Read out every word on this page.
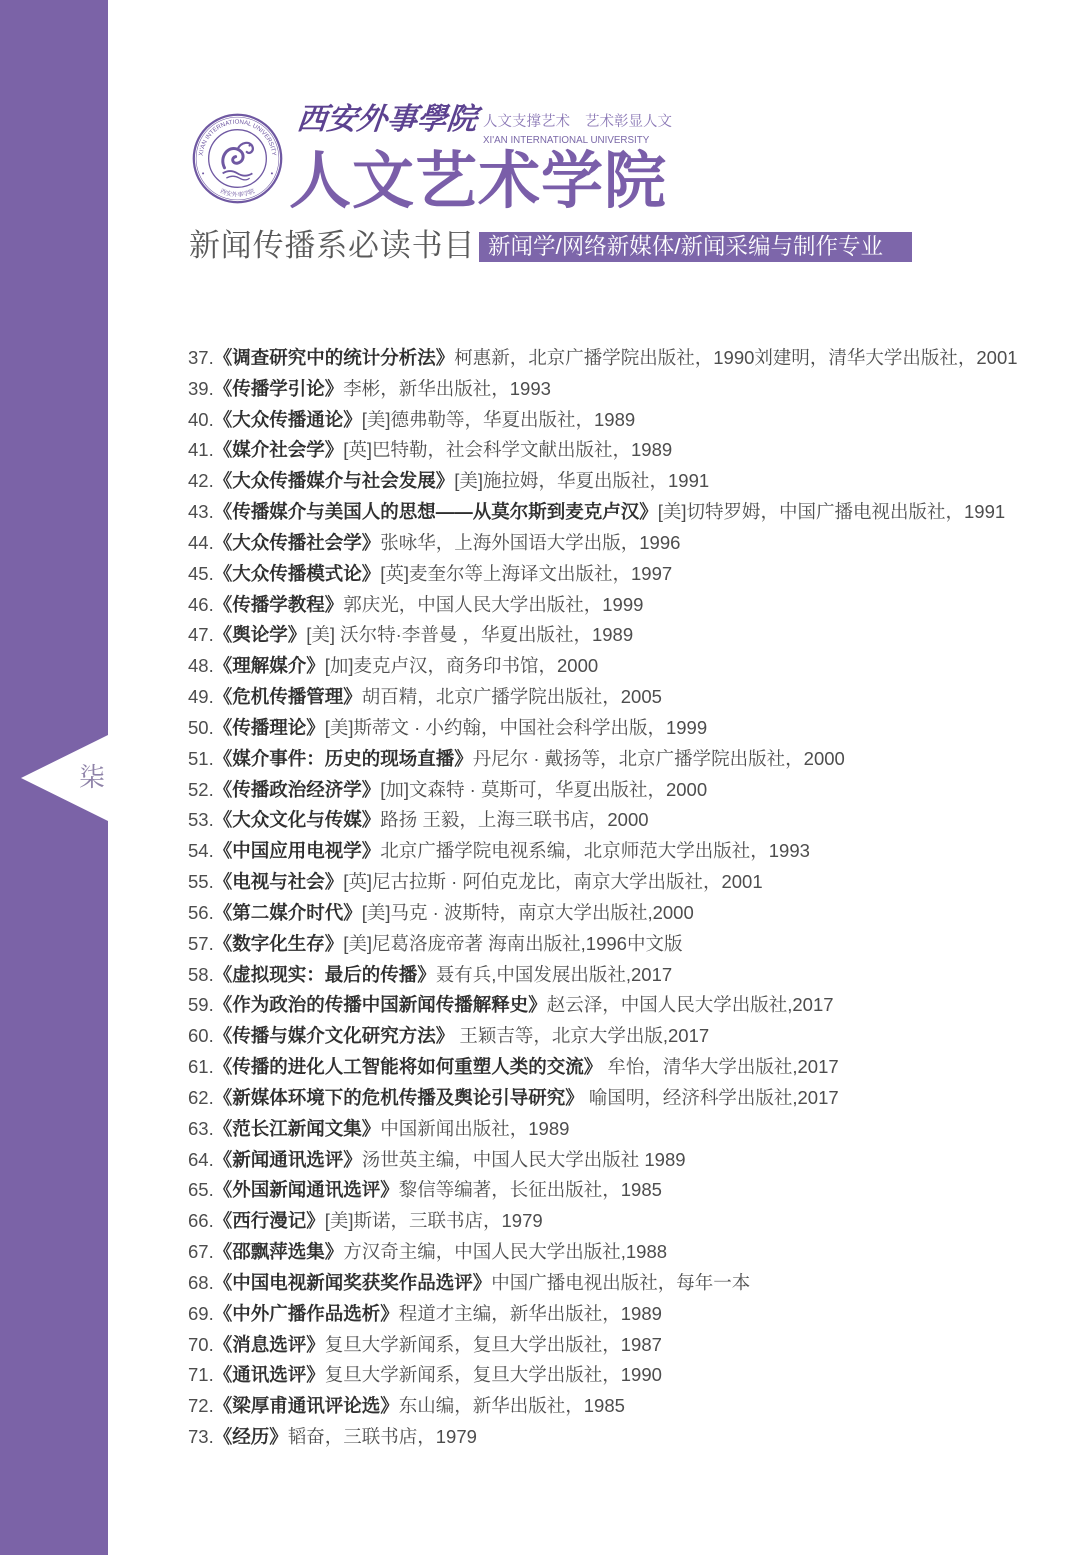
柒
XI'AN INTERNATIONAL UNIVERSITY
西安外事学院
西安外事學院 人文支撑艺术 艺术彰显人文
XI'AN INTERNATIONAL UNIVERSITY
人文艺术学院
新闻传播系必读书目 新闻学/网络新媒体/新闻采编与制作专业
37.《调查研究中的统计分析法》柯惠新，北京广播学院出版社，1990刘建明，清华大学出版社，2001
39.《传播学引论》李彬，新华出版社，1993
40.《大众传播通论》[美]德弗勒等，华夏出版社，1989
41.《媒介社会学》[英]巴特勒，社会科学文献出版社，1989
42.《大众传播媒介与社会发展》[美]施拉姆，华夏出版社，1991
43.《传播媒介与美国人的思想——从莫尔斯到麦克卢汉》[美]切特罗姆，中国广播电视出版社，1991
44.《大众传播社会学》张咏华，上海外国语大学出版，1996
45.《大众传播模式论》[英]麦奎尔等上海译文出版社，1997
46.《传播学教程》郭庆光，中国人民大学出版社，1999
47.《舆论学》[美] 沃尔特·李普曼 ，华夏出版社，1989
48.《理解媒介》[加]麦克卢汉，商务印书馆，2000
49.《危机传播管理》胡百精，北京广播学院出版社，2005
50.《传播理论》[美]斯蒂文 · 小约翰，中国社会科学出版，1999
51.《媒介事件：历史的现场直播》丹尼尔 · 戴扬等，北京广播学院出版社，2000
52.《传播政治经济学》[加]文森特 · 莫斯可，华夏出版社，2000
53.《大众文化与传媒》路扬 王毅，上海三联书店，2000
54.《中国应用电视学》北京广播学院电视系编，北京师范大学出版社，1993
55.《电视与社会》[英]尼古拉斯 · 阿伯克龙比，南京大学出版社，2001
56.《第二媒介时代》[美]马克 · 波斯特，南京大学出版社,2000
57.《数字化生存》[美]尼葛洛庞帝著 海南出版社,1996中文版
58.《虚拟现实：最后的传播》聂有兵,中国发展出版社,2017
59.《作为政治的传播中国新闻传播解释史》赵云泽，中国人民大学出版社,2017
60.《传播与媒介文化研究方法》 王颖吉等，北京大学出版,2017
61.《传播的进化人工智能将如何重塑人类的交流》 牟怡，清华大学出版社,2017
62.《新媒体环境下的危机传播及舆论引导研究》 喻国明，经济科学出版社,2017
63.《范长江新闻文集》中国新闻出版社，1989
64.《新闻通讯选评》汤世英主编，中国人民大学出版社 1989
65.《外国新闻通讯选评》黎信等编著，长征出版社，1985
66.《西行漫记》[美]斯诺，三联书店，1979
67.《邵飘萍选集》方汉奇主编，中国人民大学出版社,1988
68.《中国电视新闻奖获奖作品选评》中国广播电视出版社，每年一本
69.《中外广播作品选析》程道才主编，新华出版社，1989
70.《消息选评》复旦大学新闻系，复旦大学出版社，1987
71.《通讯选评》复旦大学新闻系，复旦大学出版社，1990
72.《梁厚甫通讯评论选》东山编，新华出版社，1985
73.《经历》韬奋，三联书店，1979
